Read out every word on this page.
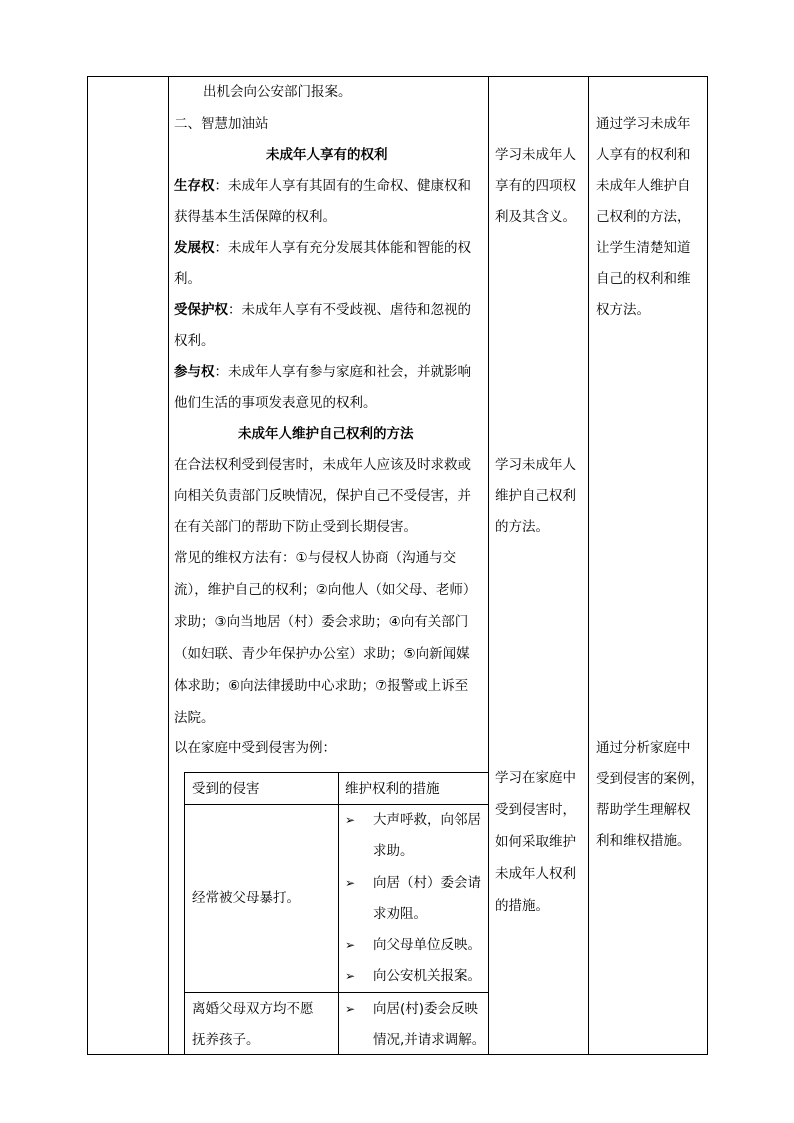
出机会向公安部门报案。
二、智慧加油站
未成年人享有的权利
生存权：未成年人享有其固有的生命权、健康权和
获得基本生活保障的权利。
发展权：未成年人享有充分发展其体能和智能的权
利。
受保护权：未成年人享有不受歧视、虐待和忽视的
权利。
参与权：未成年人享有参与家庭和社会，并就影响
他们生活的事项发表意见的权利。
未成年人维护自己权利的方法
在合法权利受到侵害时，未成年人应该及时求救或
向相关负责部门反映情况，保护自己不受侵害，并
在有关部门的帮助下防止受到长期侵害。
常见的维权方法有：①与侵权人协商（沟通与交
流），维护自己的权利；②向他人（如父母、老师）
求助；③向当地居（村）委会求助；④向有关部门
（如妇联、青少年保护办公室）求助；⑤向新闻媒
体求助；⑥向法律援助中心求助；⑦报警或上诉至
法院。
以在家庭中受到侵害为例：
受到的侵害	维护权利的措施
经常被父母暴打。
➢ 大声呼救，向邻居
求助。
➢ 向居（村）委会请
求劝阻。
➢ 向父母单位反映。
➢ 向公安机关报案。
离婚父母双方均不愿
抚养孩子。
➢ 向居(村)委会反映
情况,并请求调解。
学习未成年人
享有的四项权
利及其含义。
学习未成年人
维护自己权利
的方法。
学习在家庭中
受到侵害时，
如何采取维护
未成年人权利
的措施。
通过学习未成年
人享有的权利和
未成年人维护自
己权利的方法，
让学生清楚知道
自己的权利和维
权方法。
通过分析家庭中
受到侵害的案例，
帮助学生理解权
利和维权措施。
